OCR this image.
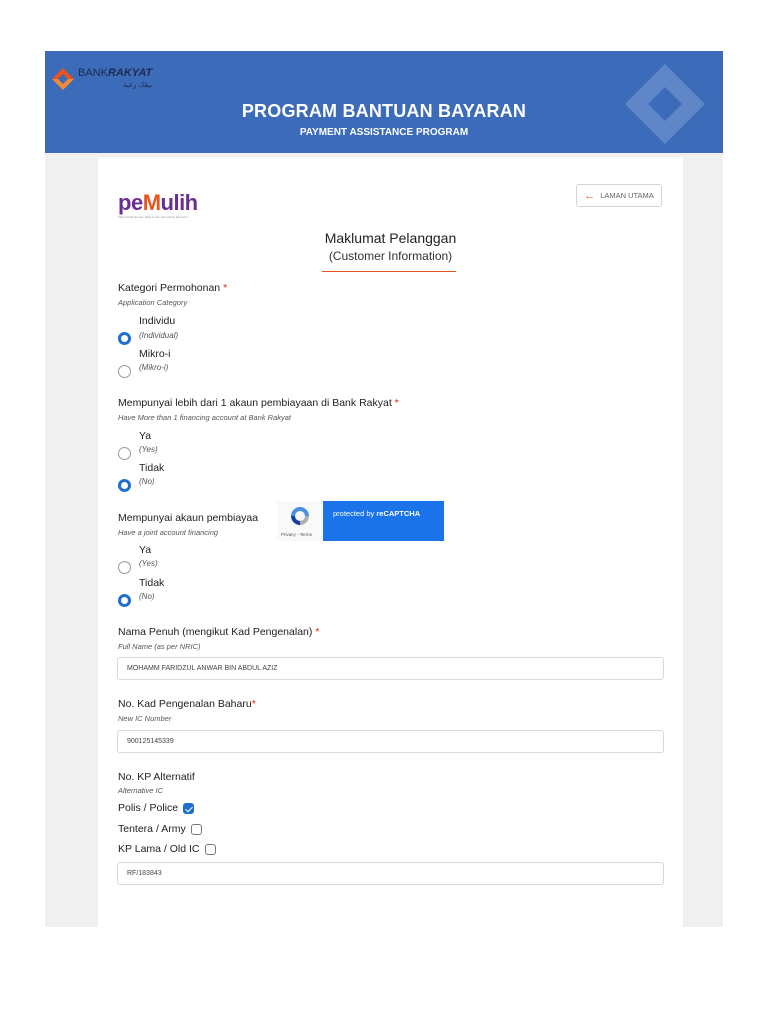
BANKRAKYAT
بيڠک رعية
PROGRAM BANTUAN BAYARAN
PAYMENT ASSISTANCE PROGRAM
peMulih
Pakej Perlindungan Rakyat dan Pemulihan Ekonomi
← LAMAN UTAMA
Maklumat Pelanggan
(Customer Information)
Kategori Permohonan *
Application Category
Individu
(Individual)
Mikro-i
(Mikro-i)
Mempunyai lebih dari 1 akaun pembiayaan di Bank Rakyat *
Have More than 1 financing account at Bank Rakyat
Ya
(Yes)
Tidak
(No)
Mempunyai akaun pembiayaa
Have a joint account financing
Ya
(Yes)
Tidak
(No)
Nama Penuh (mengikut Kad Pengenalan) *
Full Name (as per NRIC)
MOHAMM FARIDZUL ANWAR BIN ABDUL AZIZ
No. Kad Pengenalan Baharu*
New IC Number
900125145339
No. KP Alternatif
Alternative IC
Polis / Police
Tentera / Army
KP Lama / Old IC
RF/183843
Privacy - Terms
protected by reCAPTCHA
